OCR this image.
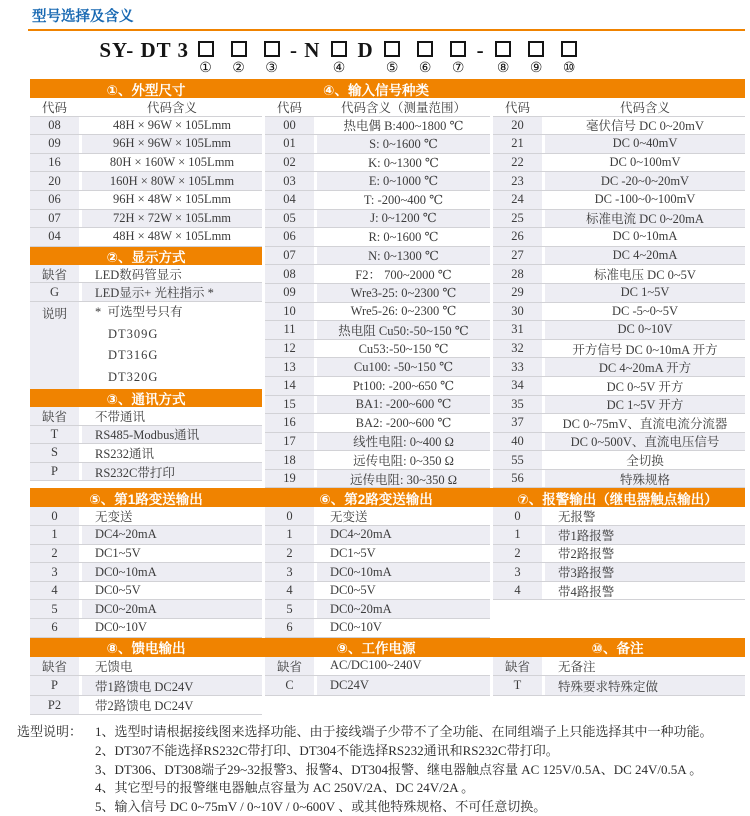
型号选择及含义
SY- DT 3
① ② ③
- N
④
D
⑤ ⑥ ⑦
-
⑧ ⑨ ⑩
①、外型尺寸	④、输入信号种类
代码	代码含义
08	48H × 96W × 105Lmm
09	96H × 96W × 105Lmm
16	80H × 160W × 105Lmm
20	160H × 80W × 105Lmm
06	96H × 48W × 105Lmm
07	72H × 72W × 105Lmm
04	48H × 48W × 105Lmm
②、显示方式
缺省	LED数码管显示
G	LED显示+ 光柱指示 *
说明	*  可选型号只有
DT309G
DT316G
DT320G
③、通讯方式
缺省	不带通讯
T	RS485-Modbus通讯
S	RS232通讯
P	RS232C带打印
代码	代码含义（测量范围）
00	热电偶 B:400~1800 ℃
01	S: 0~1600 ℃
02	K: 0~1300 ℃
03	E: 0~1000 ℃
04	T: -200~400 ℃
05	J: 0~1200 ℃
06	R: 0~1600 ℃
07	N: 0~1300 ℃
08	F2： 700~2000 ℃
09	Wre3-25: 0~2300 ℃
10	Wre5-26: 0~2300 ℃
11	热电阻 Cu50:-50~150 ℃
12	Cu53:-50~150 ℃
13	Cu100: -50~150 ℃
14	Pt100: -200~650 ℃
15	BA1: -200~600 ℃
16	BA2: -200~600 ℃
17	线性电阻: 0~400 Ω
18	远传电阻: 0~350 Ω
19	远传电阻: 30~350 Ω
代码	代码含义
20	毫伏信号 DC 0~20mV
21	DC 0~40mV
22	DC 0~100mV
23	DC -20~0~20mV
24	DC -100~0~100mV
25	标准电流 DC 0~20mA
26	DC 0~10mA
27	DC 4~20mA
28	标准电压 DC 0~5V
29	DC 1~5V
30	DC -5~0~5V
31	DC 0~10V
32	开方信号 DC 0~10mA 开方
33	DC 4~20mA 开方
34	DC 0~5V 开方
35	DC 1~5V 开方
37	DC 0~75mV、直流电流分流器
40	DC 0~500V、直流电压信号
55	全切换
56	特殊规格
⑤、第1路变送输出	⑥、第2路变送输出	⑦、报警输出（继电器触点输出）
0	无变送
1	DC4~20mA
2	DC1~5V
3	DC0~10mA
4	DC0~5V
5	DC0~20mA
6	DC0~10V
0	无变送
1	DC4~20mA
2	DC1~5V
3	DC0~10mA
4	DC0~5V
5	DC0~20mA
6	DC0~10V
0	无报警
1	带1路报警
2	带2路报警
3	带3路报警
4	带4路报警
⑧、馈电输出	⑨、工作电源	⑩、备注
缺省	无馈电
P	带1路馈电 DC24V
P2	带2路馈电 DC24V
缺省	AC/DC100~240V
C	DC24V
缺省	无备注
T	特殊要求特殊定做
选型说明： 1、选型时请根据接线图来选择功能、由于接线端子少带不了全功能、在同组端子上只能选择其中一种功能。
2、DT307不能选择RS232C带打印、DT304不能选择RS232通讯和RS232C带打印。
3、DT306、DT308端子29~32报警3、报警4、DT304报警、继电器触点容量 AC 125V/0.5A、DC 24V/0.5A 。
4、其它型号的报警继电器触点容量为 AC 250V/2A、DC 24V/2A 。
5、输入信号 DC 0~75mV / 0~10V / 0~600V 、或其他特殊规格、不可任意切换。
